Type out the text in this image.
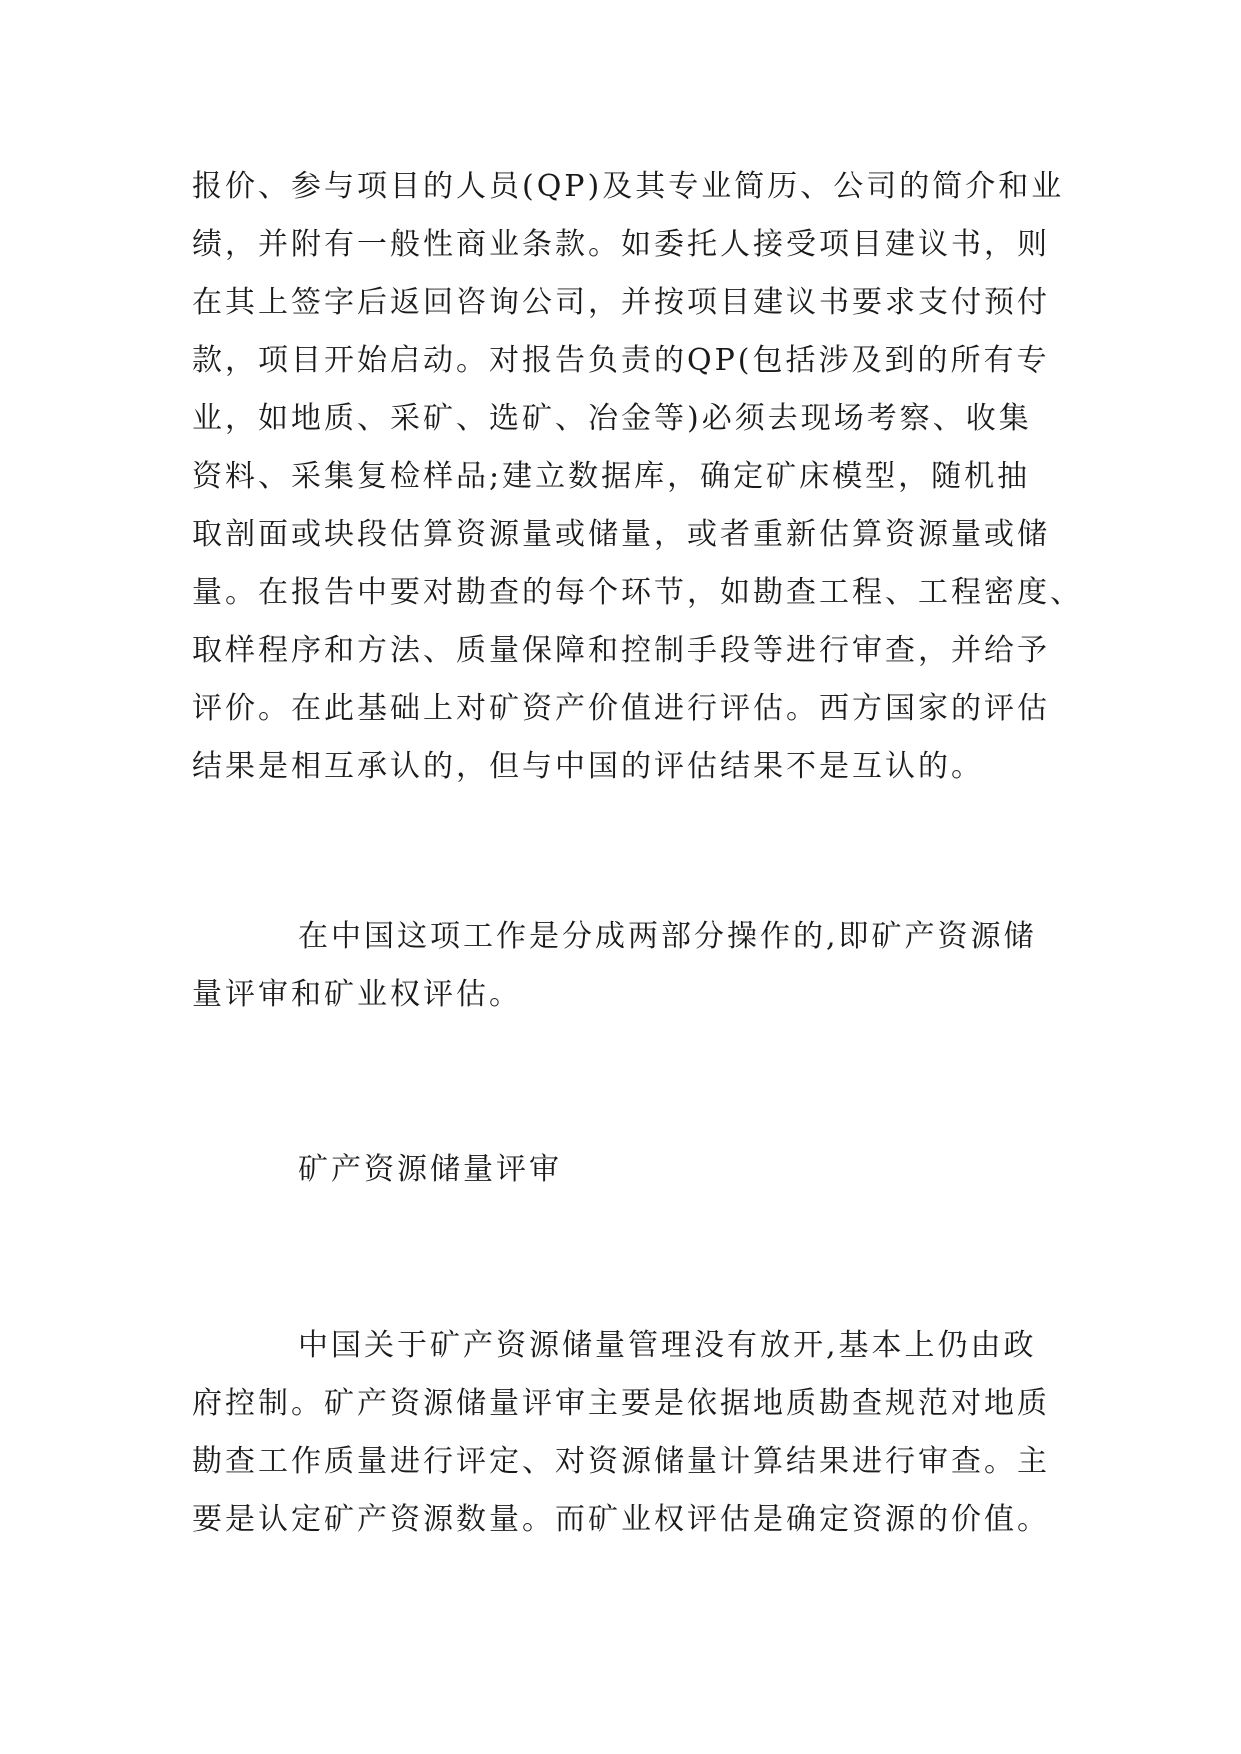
报价、参与项目的人员(QP)及其专业简历、公司的简介和业
绩，并附有一般性商业条款。如委托人接受项目建议书，则
在其上签字后返回咨询公司，并按项目建议书要求支付预付
款，项目开始启动。对报告负责的QP(包括涉及到的所有专
业，如地质、采矿、选矿、冶金等)必须去现场考察、收集
资料、采集复检样品;建立数据库，确定矿床模型，随机抽
取剖面或块段估算资源量或储量，或者重新估算资源量或储
量。在报告中要对勘查的每个环节，如勘查工程、工程密度、
取样程序和方法、质量保障和控制手段等进行审查，并给予
评价。在此基础上对矿资产价值进行评估。西方国家的评估
结果是相互承认的，但与中国的评估结果不是互认的。
在中国这项工作是分成两部分操作的,即矿产资源储
量评审和矿业权评估。
矿产资源储量评审
中国关于矿产资源储量管理没有放开,基本上仍由政
府控制。矿产资源储量评审主要是依据地质勘查规范对地质
勘查工作质量进行评定、对资源储量计算结果进行审查。主
要是认定矿产资源数量。而矿业权评估是确定资源的价值。
